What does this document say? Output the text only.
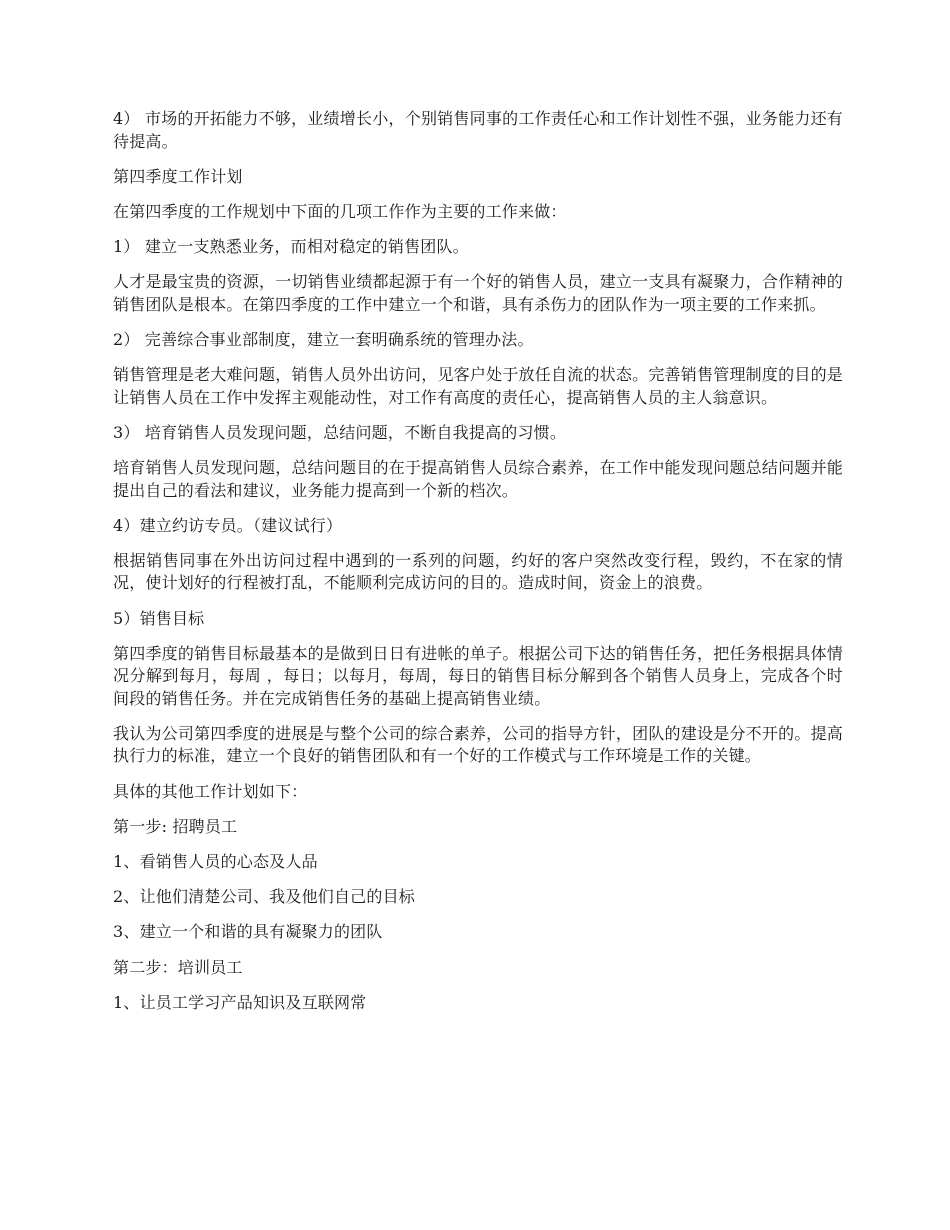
4） 市场的开拓能力不够，业绩增长小，个别销售同事的工作责任心和工作计划性不强，业务能力还有待提高。

第四季度工作计划

在第四季度的工作规划中下面的几项工作作为主要的工作来做：

1） 建立一支熟悉业务，而相对稳定的销售团队。

人才是最宝贵的资源，一切销售业绩都起源于有一个好的销售人员，建立一支具有凝聚力，合作精神的销售团队是根本。在第四季度的工作中建立一个和谐，具有杀伤力的团队作为一项主要的工作来抓。

2） 完善综合事业部制度，建立一套明确系统的管理办法。

销售管理是老大难问题，销售人员外出访问，见客户处于放任自流的状态。完善销售管理制度的目的是让销售人员在工作中发挥主观能动性，对工作有高度的责任心，提高销售人员的主人翁意识。

3） 培育销售人员发现问题，总结问题，不断自我提高的习惯。

培育销售人员发现问题，总结问题目的在于提高销售人员综合素养，在工作中能发现问题总结问题并能提出自己的看法和建议，业务能力提高到一个新的档次。

4）建立约访专员。（建议试行）

根据销售同事在外出访问过程中遇到的一系列的问题，约好的客户突然改变行程，毁约，不在家的情况，使计划好的行程被打乱，不能顺利完成访问的目的。造成时间，资金上的浪费。

5）销售目标

第四季度的销售目标最基本的是做到日日有进帐的单子。根据公司下达的销售任务，把任务根据具体情况分解到每月，每周 ，每日；以每月，每周，每日的销售目标分解到各个销售人员身上，完成各个时间段的销售任务。并在完成销售任务的基础上提高销售业绩。

我认为公司第四季度的进展是与整个公司的综合素养，公司的指导方针，团队的建设是分不开的。提高执行力的标准，建立一个良好的销售团队和有一个好的工作模式与工作环境是工作的关键。

具体的其他工作计划如下：

第一步: 招聘员工

1、看销售人员的心态及人品

2、让他们清楚公司、我及他们自己的目标

3、建立一个和谐的具有凝聚力的团队

第二步：培训员工

1、让员工学习产品知识及互联网常
